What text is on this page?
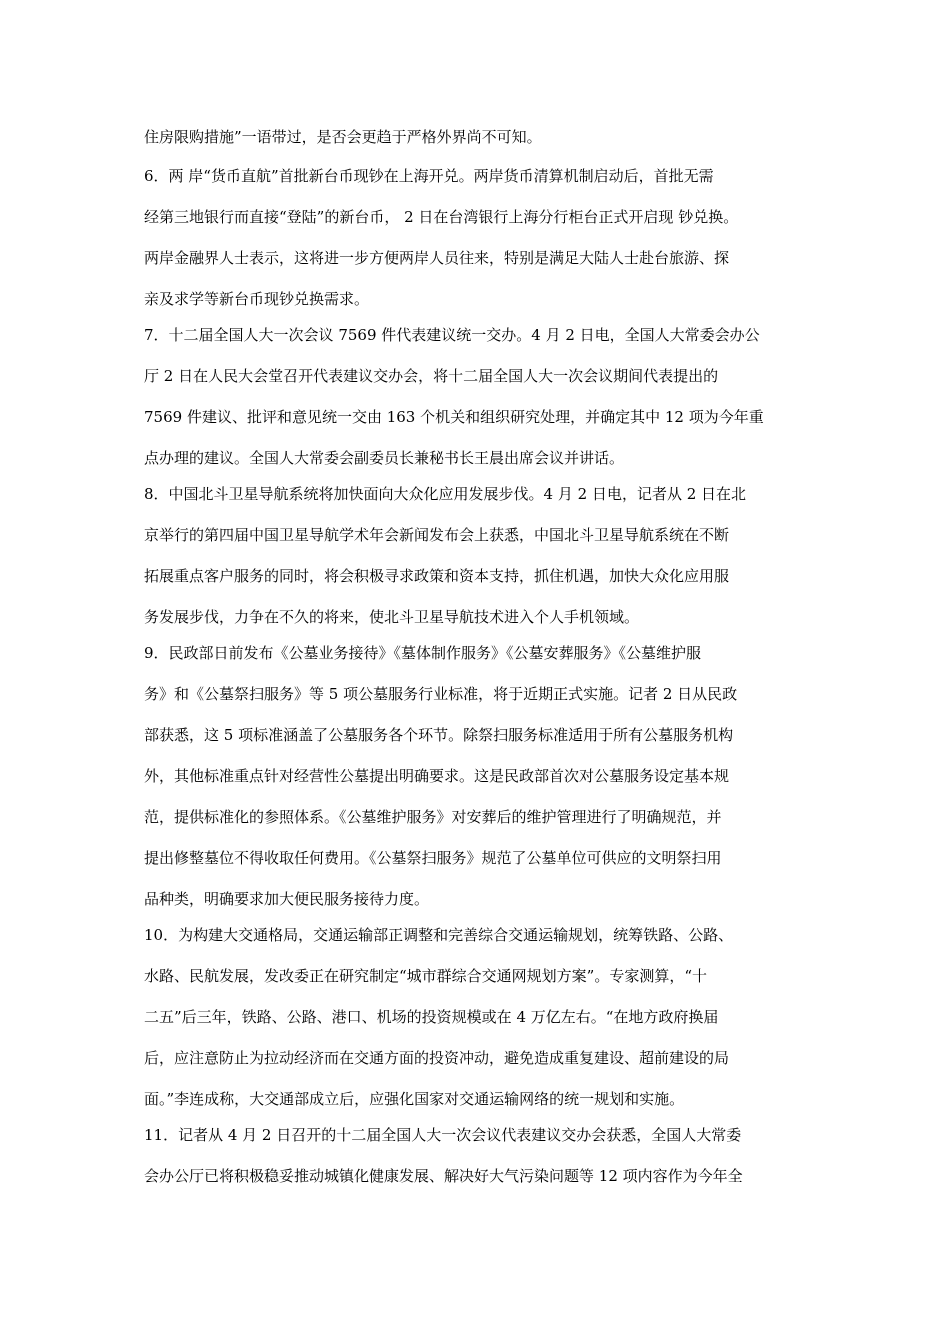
住房限购措施”一语带过，是否会更趋于严格外界尚不可知。
6．两 岸“货币直航”首批新台币现钞在上海开兑。两岸货币清算机制启动后，首批无需
经第三地银行而直接“登陆”的新台币， 2 日在台湾银行上海分行柜台正式开启现 钞兑换。
两岸金融界人士表示，这将进一步方便两岸人员往来，特别是满足大陆人士赴台旅游、探
亲及求学等新台币现钞兑换需求。
7．十二届全国人大一次会议 7569 件代表建议统一交办。4 月 2 日电，全国人大常委会办公
厅 2 日在人民大会堂召开代表建议交办会，将十二届全国人大一次会议期间代表提出的
7569 件建议、批评和意见统一交由 163 个机关和组织研究处理，并确定其中 12 项为今年重
点办理的建议。全国人大常委会副委员长兼秘书长王晨出席会议并讲话。
8．中国北斗卫星导航系统将加快面向大众化应用发展步伐。4 月 2 日电，记者从 2 日在北
京举行的第四届中国卫星导航学术年会新闻发布会上获悉，中国北斗卫星导航系统在不断
拓展重点客户服务的同时，将会积极寻求政策和资本支持，抓住机遇，加快大众化应用服
务发展步伐，力争在不久的将来，使北斗卫星导航技术进入个人手机领域。
9．民政部日前发布《公墓业务接待》《墓体制作服务》《公墓安葬服务》《公墓维护服
务》和《公墓祭扫服务》等 5 项公墓服务行业标准，将于近期正式实施。记者 2 日从民政
部获悉，这 5 项标准涵盖了公墓服务各个环节。除祭扫服务标准适用于所有公墓服务机构
外，其他标准重点针对经营性公墓提出明确要求。这是民政部首次对公墓服务设定基本规
范，提供标准化的参照体系。《公墓维护服务》对安葬后的维护管理进行了明确规范，并
提出修整墓位不得收取任何费用。《公墓祭扫服务》规范了公墓单位可供应的文明祭扫用
品种类，明确要求加大便民服务接待力度。
10．为构建大交通格局，交通运输部正调整和完善综合交通运输规划，统筹铁路、公路、
水路、民航发展，发改委正在研究制定“城市群综合交通网规划方案”。专家测算，“十
二五”后三年，铁路、公路、港口、机场的投资规模或在 4 万亿左右。“在地方政府换届
后，应注意防止为拉动经济而在交通方面的投资冲动，避免造成重复建设、超前建设的局
面。”李连成称，大交通部成立后，应强化国家对交通运输网络的统一规划和实施。
11．记者从 4 月 2 日召开的十二届全国人大一次会议代表建议交办会获悉，全国人大常委
会办公厅已将积极稳妥推动城镇化健康发展、解决好大气污染问题等 12 项内容作为今年全
